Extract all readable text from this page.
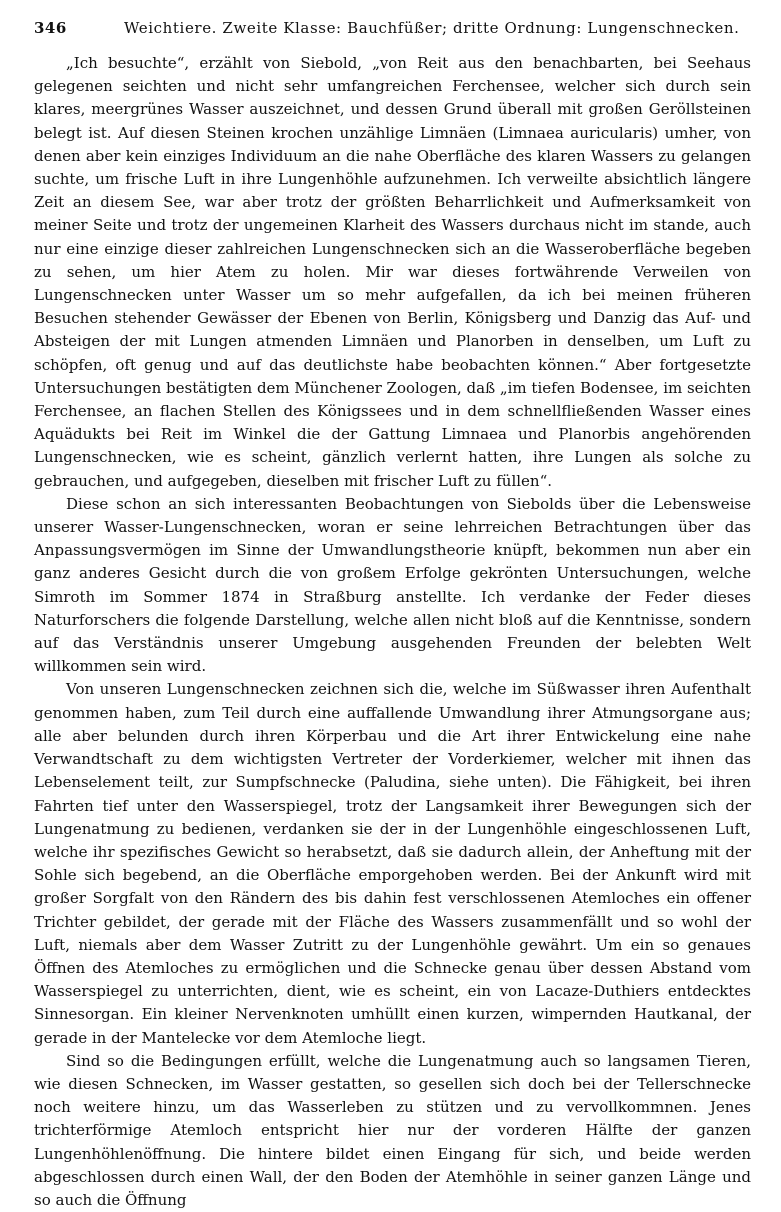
346	Weichtiere. Zweite Klasse: Bauchfüßer; dritte Ordnung: Lungenschnecken.

„Ich besuchte“, erzählt von Siebold, „von Reit aus den benachbarten, bei Seehaus gelegenen seichten und nicht sehr umfangreichen Ferchensee, welcher sich durch sein klares, meergrünes Wasser auszeichnet, und dessen Grund überall mit großen Geröllsteinen belegt ist. Auf diesen Steinen krochen unzählige Limnäen (Limnaea auricularis) umher, von denen aber kein einziges Individuum an die nahe Oberfläche des klaren Wassers zu gelangen suchte, um frische Luft in ihre Lungenhöhle aufzunehmen. Ich verweilte absichtlich längere Zeit an diesem See, war aber trotz der größten Beharrlichkeit und Aufmerksamkeit von meiner Seite und trotz der ungemeinen Klarheit des Wassers durchaus nicht im stande, auch nur eine einzige dieser zahlreichen Lungenschnecken sich an die Wasseroberfläche begeben zu sehen, um hier Atem zu holen. Mir war dieses fortwährende Verweilen von Lungenschnecken unter Wasser um so mehr aufgefallen, da ich bei meinen früheren Besuchen stehender Gewässer der Ebenen von Berlin, Königsberg und Danzig das Auf- und Absteigen der mit Lungen atmenden Limnäen und Planorben in denselben, um Luft zu schöpfen, oft genug und auf das deutlichste habe beobachten können.“ Aber fortgesetzte Untersuchungen bestätigten dem Münchener Zoologen, daß „im tiefen Bodensee, im seichten Ferchensee, an flachen Stellen des Königssees und in dem schnellfließenden Wasser eines Aquädukts bei Reit im Winkel die der Gattung Limnaea und Planorbis angehörenden Lungenschnecken, wie es scheint, gänzlich verlernt hatten, ihre Lungen als solche zu gebrauchen, und aufgegeben, dieselben mit frischer Luft zu füllen“.

Diese schon an sich interessanten Beobachtungen von Siebolds über die Lebensweise unserer Wasser-Lungenschnecken, woran er seine lehrreichen Betrachtungen über das Anpassungsvermögen im Sinne der Umwandlungstheorie knüpft, bekommen nun aber ein ganz anderes Gesicht durch die von großem Erfolge gekrönten Untersuchungen, welche Simroth im Sommer 1874 in Straßburg anstellte. Ich verdanke der Feder dieses Naturforschers die folgende Darstellung, welche allen nicht bloß auf die Kenntnisse, sondern auf das Verständnis unserer Umgebung ausgehenden Freunden der belebten Welt willkommen sein wird.

Von unseren Lungenschnecken zeichnen sich die, welche im Süßwasser ihren Aufenthalt genommen haben, zum Teil durch eine auffallende Umwandlung ihrer Atmungsorgane aus; alle aber belunden durch ihren Körperbau und die Art ihrer Entwickelung eine nahe Verwandtschaft zu dem wichtigsten Vertreter der Vorderkiemer, welcher mit ihnen das Lebenselement teilt, zur Sumpfschnecke (Paludina, siehe unten). Die Fähigkeit, bei ihren Fahrten tief unter den Wasserspiegel, trotz der Langsamkeit ihrer Bewegungen sich der Lungenatmung zu bedienen, verdanken sie der in der Lungenhöhle eingeschlossenen Luft, welche ihr spezifisches Gewicht so herabsetzt, daß sie dadurch allein, der Anheftung mit der Sohle sich begebend, an die Oberfläche emporgehoben werden. Bei der Ankunft wird mit großer Sorgfalt von den Rändern des bis dahin fest verschlossenen Atemloches ein offener Trichter gebildet, der gerade mit der Fläche des Wassers zusammenfällt und so wohl der Luft, niemals aber dem Wasser Zutritt zu der Lungenhöhle gewährt. Um ein so genaues Öffnen des Atemloches zu ermöglichen und die Schnecke genau über dessen Abstand vom Wasserspiegel zu unterrichten, dient, wie es scheint, ein von Lacaze-Duthiers entdecktes Sinnesorgan. Ein kleiner Nervenknoten umhüllt einen kurzen, wimpernden Hautkanal, der gerade in der Mantelecke vor dem Atemloche liegt.

Sind so die Bedingungen erfüllt, welche die Lungenatmung auch so langsamen Tieren, wie diesen Schnecken, im Wasser gestatten, so gesellen sich doch bei der Tellerschnecke noch weitere hinzu, um das Wasserleben zu stützen und zu vervollkommnen. Jenes trichterförmige Atemloch entspricht hier nur der vorderen Hälfte der ganzen Lungenhöhlenöffnung. Die hintere bildet einen Eingang für sich, und beide werden abgeschlossen durch einen Wall, der den Boden der Atemhöhle in seiner ganzen Länge und so auch die Öffnung
